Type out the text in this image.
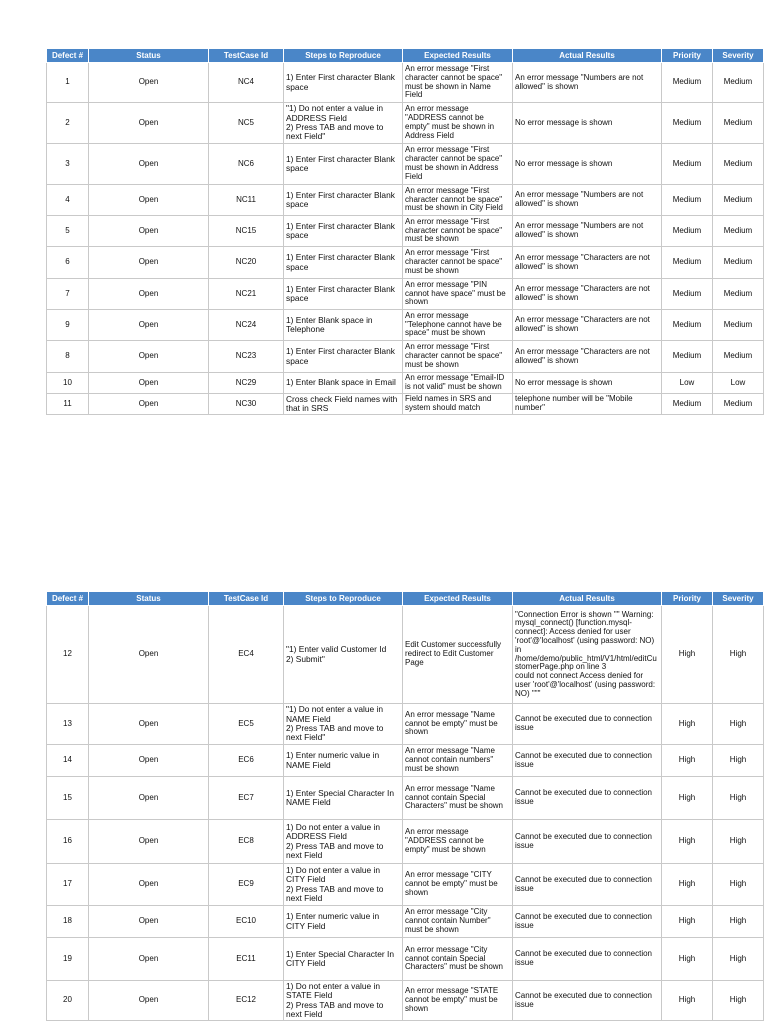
Defect #	Status	TestCase Id	Steps to Reproduce	Expected Results	Actual Results	Priority	Severity
1	Open	NC4	1) Enter First character Blank space	An error message "First character cannot be space" must be shown in Name Field	An error message "Numbers are not allowed" is shown	Medium	Medium
2	Open	NC5	"1) Do not enter a value in ADDRESS Field
2) Press TAB and move to next Field"	An error message "ADDRESS cannot be empty" must be shown in Address Field	No error message is shown	Medium	Medium
3	Open	NC6	1) Enter First character Blank space	An error message "First character cannot be space" must be shown in Address Field	No error message is shown	Medium	Medium
4	Open	NC11	1) Enter First character Blank space	An error message "First character cannot be space" must be shown in City Field	An error message "Numbers are not allowed" is shown	Medium	Medium
5	Open	NC15	1) Enter First character Blank space	An error message "First character cannot be space" must be shown	An error message "Numbers are not allowed" is shown	Medium	Medium
6	Open	NC20	1) Enter First character Blank space	An error message "First character cannot be space" must be shown	An error message "Characters are not allowed" is shown	Medium	Medium
7	Open	NC21	1) Enter First character Blank space	An error message "PIN cannot have space" must be shown	An error message "Characters are not allowed" is shown	Medium	Medium
9	Open	NC24	1) Enter Blank space in Telephone	An error message "Telephone cannot have be space" must be shown	An error message "Characters are not allowed" is shown	Medium	Medium
8	Open	NC23	1) Enter First character Blank space	An error message "First character cannot be space" must be shown	An error message "Characters are not allowed" is shown	Medium	Medium
10	Open	NC29	1) Enter Blank space in Email	An error message "Email-ID is not valid" must be shown	No error message is shown	Low	Low
11	Open	NC30	Cross check Field names with that in SRS	Field names in SRS and system should match	telephone number will be "Mobile number"	Medium	Medium
Defect #	Status	TestCase Id	Steps to Reproduce	Expected Results	Actual Results	Priority	Severity
12	Open	EC4	"1) Enter valid Customer Id
2) Submit"	Edit Customer successfully redirect to Edit Customer Page	"Connection Error is shown "" Warning: mysql_connect() [function.mysql-connect]: Access denied for user 'root'@'localhost' (using password: NO) in /home/demo/public_html/V1/html/editCustomerPage.php on line 3
could not connect Access denied for user 'root'@'localhost' (using password: NO) """	High	High
13	Open	EC5	"1) Do not enter a value in NAME Field
2) Press TAB and move to next Field"	An error message "Name cannot be empty" must be shown	Cannot be executed due to connection issue	High	High
14	Open	EC6	1) Enter numeric value in NAME Field	An error message "Name cannot contain numbers" must be shown	Cannot be executed due to connection issue	High	High
15	Open	EC7	1) Enter Special Character In NAME Field	An error message "Name cannot contain Special Characters" must be shown	Cannot be executed due to connection issue	High	High
16	Open	EC8	1) Do not enter a value in ADDRESS Field
2) Press TAB and move to next Field	An error message "ADDRESS cannot be empty" must be shown	Cannot be executed due to connection issue	High	High
17	Open	EC9	1) Do not enter a value in CITY Field
2) Press TAB and move to next Field	An error message "CITY cannot be empty" must be shown	Cannot be executed due to connection issue	High	High
18	Open	EC10	1) Enter numeric value in CITY Field	An error message "City cannot contain Number" must be shown	Cannot be executed due to connection issue	High	High
19	Open	EC11	1) Enter Special Character In CITY Field	An error message "City cannot contain Special Characters" must be shown	Cannot be executed due to connection issue	High	High
20	Open	EC12	1) Do not enter a value in STATE Field
2) Press TAB and move to next Field	An error message "STATE cannot be empty" must be shown	Cannot be executed due to connection issue	High	High
